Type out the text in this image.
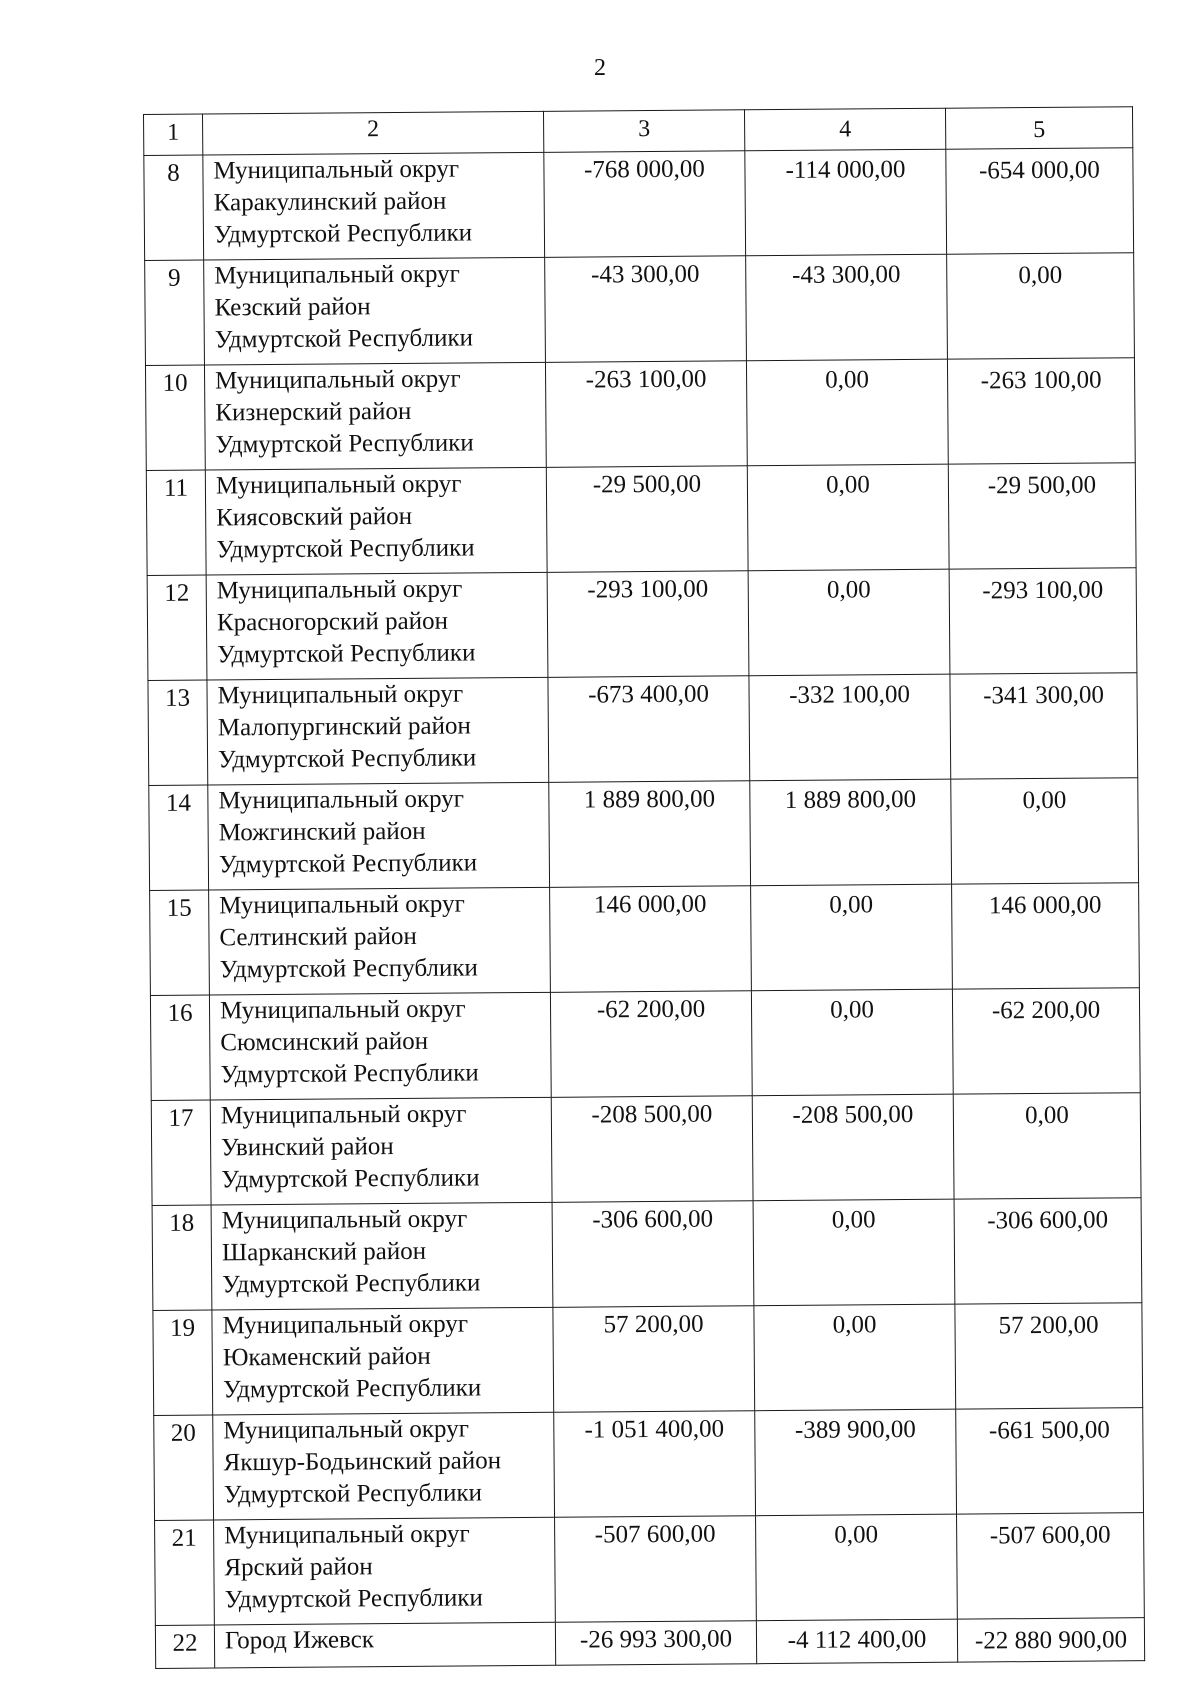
2
1	2	3	4	5
8	Муниципальный округ
Каракулинский район
Удмуртской Республики	-768 000,00	-114 000,00	-654 000,00
9	Муниципальный округ
Кезский район
Удмуртской Республики	-43 300,00	-43 300,00	0,00
10	Муниципальный округ
Кизнерский район
Удмуртской Республики	-263 100,00	0,00	-263 100,00
11	Муниципальный округ
Киясовский район
Удмуртской Республики	-29 500,00	0,00	-29 500,00
12	Муниципальный округ
Красногорский район
Удмуртской Республики	-293 100,00	0,00	-293 100,00
13	Муниципальный округ
Малопургинский район
Удмуртской Республики	-673 400,00	-332 100,00	-341 300,00
14	Муниципальный округ
Можгинский район
Удмуртской Республики	1 889 800,00	1 889 800,00	0,00
15	Муниципальный округ
Селтинский район
Удмуртской Республики	146 000,00	0,00	146 000,00
16	Муниципальный округ
Сюмсинский район
Удмуртской Республики	-62 200,00	0,00	-62 200,00
17	Муниципальный округ
Увинский район
Удмуртской Республики	-208 500,00	-208 500,00	0,00
18	Муниципальный округ
Шарканский район
Удмуртской Республики	-306 600,00	0,00	-306 600,00
19	Муниципальный округ
Юкаменский район
Удмуртской Республики	57 200,00	0,00	57 200,00
20	Муниципальный округ
Якшур-Бодьинский район
Удмуртской Республики	-1 051 400,00	-389 900,00	-661 500,00
21	Муниципальный округ
Ярский район
Удмуртской Республики	-507 600,00	0,00	-507 600,00
22	Город Ижевск	-26 993 300,00	-4 112 400,00	-22 880 900,00
